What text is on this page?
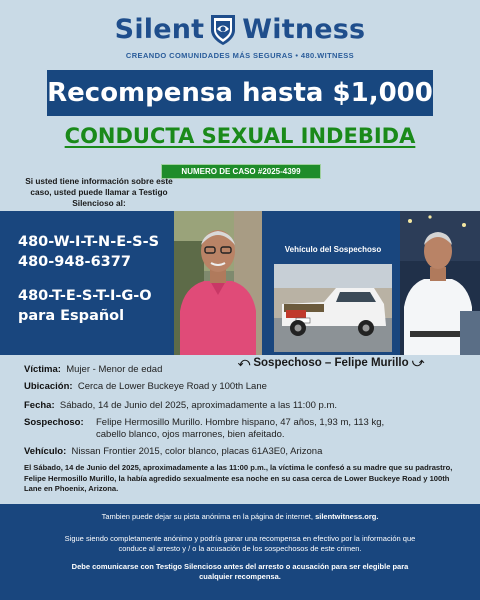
Silent Witness
CREANDO COMUNIDADES MÁS SEGURAS • 480.WITNESS
Recompensa hasta $1,000
CONDUCTA SEXUAL INDEBIDA
NUMERO DE CASO #2025-4399
Si usted tiene información sobre este caso, usted puede llamar a Testigo Silencioso al:
480-W-I-T-N-E-S-S
480-948-6377
480-T-E-S-T-I-G-O
para Español
Vehículo del Sospechoso
⤺ Sospechoso – Felipe Murillo ⤻
Víctima: Mujer - Menor de edad
Ubicación: Cerca de Lower Buckeye Road y 100th Lane
Fecha: Sábado, 14 de Junio del 2025, aproximadamente a las 11:00 p.m.
Sospechoso:	Felipe Hermosillo Murillo. Hombre hispano, 47 años, 1,93 m, 113 kg, cabello blanco, ojos marrones, bien afeitado.
Vehículo: Nissan Frontier 2015, color blanco, placas 61A3E0, Arizona
El Sábado, 14 de Junio del 2025, aproximadamente a las 11:00 p.m., la víctima le confesó a su madre que su padrastro, Felipe Hermosillo Murillo, la había agredido sexualmente esa noche en su casa cerca de Lower Buckeye Road y 100th Lane en Phoenix, Arizona.
Tambien puede dejar su pista anónima en la página de internet, silentwitness.org.
Sigue siendo completamente anónimo y podría ganar una recompensa en efectivo por la información que conduce al arresto y / o la acusación de los sospechosos de este crimen.
Debe comunicarse con Testigo Silencioso antes del arresto o acusación para ser elegible para cualquier recompensa.
